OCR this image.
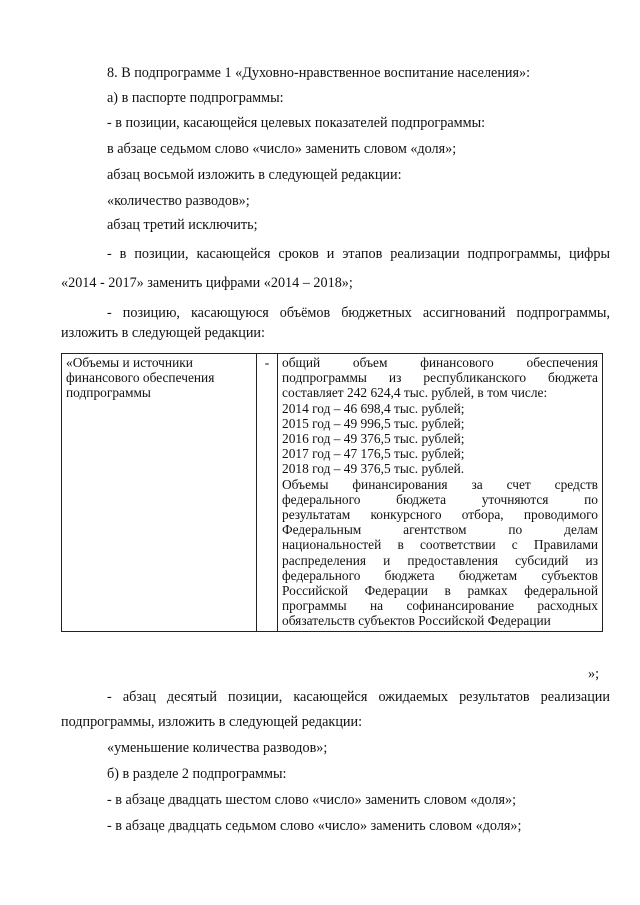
8. В подпрограмме 1 «Духовно-нравственное воспитание населения»:
а) в паспорте подпрограммы:
- в позиции, касающейся целевых показателей подпрограммы:
в абзаце седьмом слово «число» заменить словом «доля»;
абзац восьмой изложить в следующей редакции:
«количество разводов»;
абзац третий исключить;
- в позиции, касающейся сроков и этапов реализации подпрограммы, цифры
«2014 - 2017» заменить цифрами «2014 – 2018»;
- позицию, касающуюся объёмов бюджетных ассигнований подпрограммы,
изложить в следующей редакции:
«Объемы и источники
финансового обеспечения
подпрограммы
	-	общий объем финансового обеспечения
подпрограммы из республиканского бюджета
составляет 242 624,4 тыс. рублей, в том числе:
2014 год – 46 698,4 тыс. рублей;
2015 год – 49 996,5 тыс. рублей;
2016 год – 49 376,5 тыс. рублей;
2017 год – 47 176,5 тыс. рублей;
2018 год – 49 376,5 тыс. рублей.
Объемы финансирования за счет средств
федерального бюджета уточняются по
результатам конкурсного отбора, проводимого
Федеральным агентством по делам
национальностей в соответствии с Правилами
распределения и предоставления субсидий из
федерального бюджета бюджетам субъектов
Российской Федерации в рамках федеральной
программы на софинансирование расходных
обязательств субъектов Российской Федерации
»;
- абзац десятый позиции, касающейся ожидаемых результатов реализации
подпрограммы, изложить в следующей редакции:
«уменьшение количества разводов»;
б) в разделе 2 подпрограммы:
- в абзаце двадцать шестом слово «число» заменить словом «доля»;
- в абзаце двадцать седьмом слово «число» заменить словом «доля»;
